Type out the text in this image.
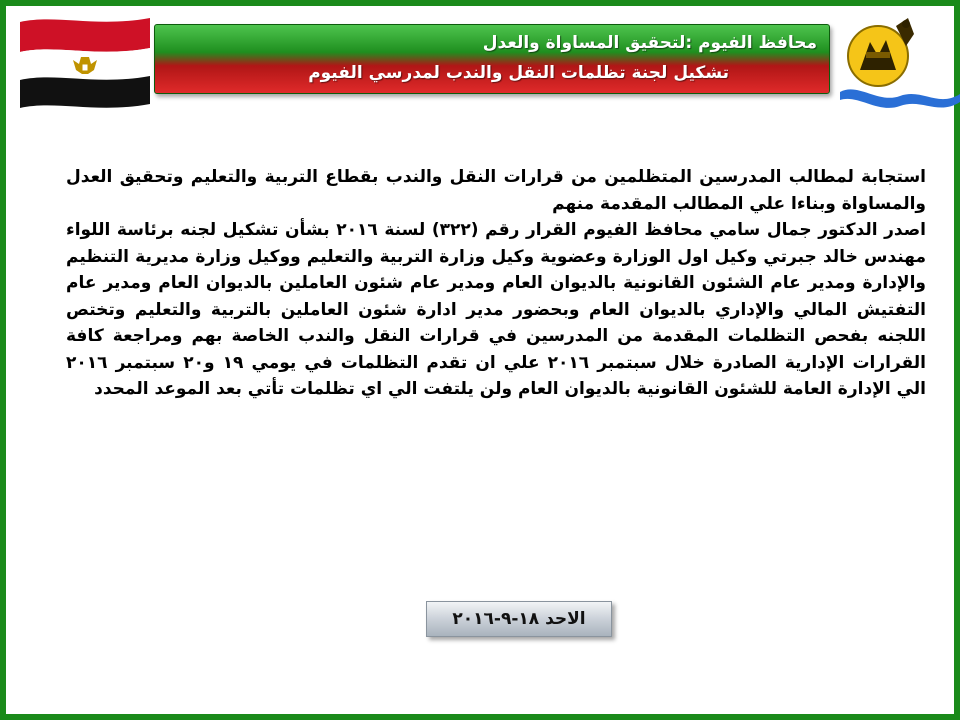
محافظ الفيوم :لتحقيق المساواة والعدل
تشكيل لجنة تظلمات النقل والندب لمدرسي الفيوم

استجابة لمطالب المدرسين المتظلمين من قرارات النقل والندب بقطاع التربية والتعليم وتحقيق العدل والمساواة وبناءا علي المطالب المقدمة منهم

اصدر الدكتور جمال سامي محافظ الفيوم القرار رقم (٣٢٢) لسنة ٢٠١٦ بشأن تشكيل لجنه برئاسة اللواء مهندس خالد جبرتي وكيل اول الوزارة وعضوية وكيل وزارة التربية والتعليم ووكيل وزارة مديرية التنظيم والإدارة ومدير عام الشئون القانونية بالديوان العام ومدير عام شئون العاملين بالديوان العام ومدير عام التفتيش المالي والإداري بالديوان العام وبحضور مدير ادارة شئون العاملين بالتربية والتعليم وتختص اللجنه بفحص التظلمات المقدمة من المدرسين في قرارات النقل والندب الخاصة بهم ومراجعة كافة القرارات الإدارية الصادرة خلال سبتمبر ٢٠١٦ علي ان تقدم التظلمات في يومي ١٩ و٢٠ سبتمبر ٢٠١٦ الي الإدارة العامة للشئون القانونية بالديوان العام ولن يلتفت الي اي تظلمات تأتي بعد الموعد المحدد

الاحد ١٨-٩-٢٠١٦
